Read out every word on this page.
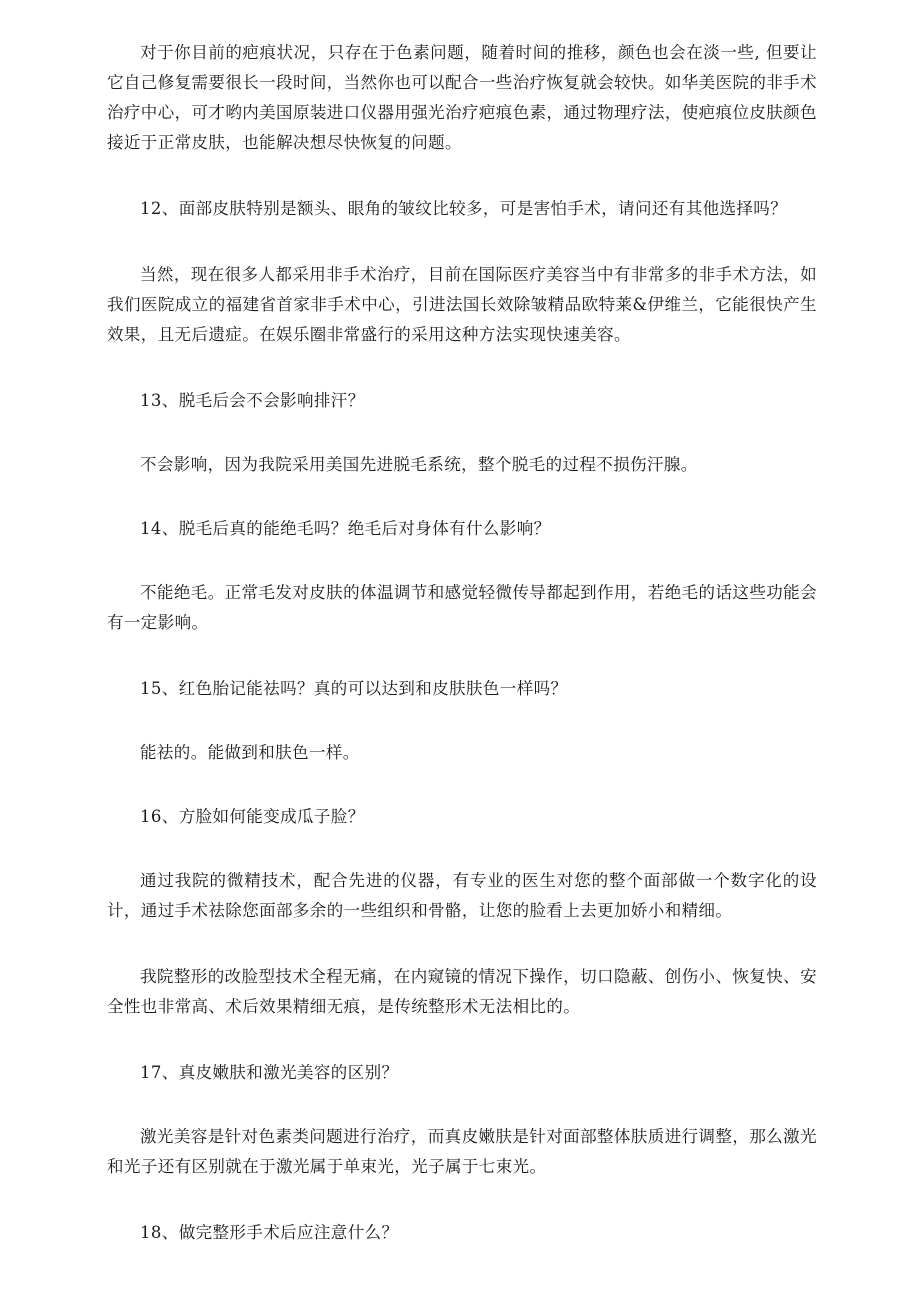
对于你目前的疤痕状况，只存在于色素问题，随着时间的推移，颜色也会在淡一些, 但要让它自己修复需要很长一段时间，当然你也可以配合一些治疗恢复就会较快。如华美医院的非手术治疗中心，可才哟内美国原装进口仪器用强光治疗疤痕色素，通过物理疗法，使疤痕位皮肤颜色接近于正常皮肤，也能解决想尽快恢复的问题。

12、面部皮肤特别是额头、眼角的皱纹比较多，可是害怕手术，请问还有其他选择吗？

当然，现在很多人都采用非手术治疗，目前在国际医疗美容当中有非常多的非手术方法，如我们医院成立的福建省首家非手术中心，引进法国长效除皱精品欧特莱&伊维兰，它能很快产生效果，且无后遗症。在娱乐圈非常盛行的采用这种方法实现快速美容。

13、脱毛后会不会影响排汗？

不会影响，因为我院采用美国先进脱毛系统，整个脱毛的过程不损伤汗腺。

14、脱毛后真的能绝毛吗？绝毛后对身体有什么影响？

不能绝毛。正常毛发对皮肤的体温调节和感觉轻微传导都起到作用，若绝毛的话这些功能会有一定影响。

15、红色胎记能祛吗？真的可以达到和皮肤肤色一样吗？

能祛的。能做到和肤色一样。

16、方脸如何能变成瓜子脸？

通过我院的微精技术，配合先进的仪器，有专业的医生对您的整个面部做一个数字化的设计，通过手术祛除您面部多余的一些组织和骨骼，让您的脸看上去更加娇小和精细。

我院整形的改脸型技术全程无痛，在内窥镜的情况下操作，切口隐蔽、创伤小、恢复快、安全性也非常高、术后效果精细无痕，是传统整形术无法相比的。

17、真皮嫩肤和激光美容的区别？

激光美容是针对色素类问题进行治疗，而真皮嫩肤是针对面部整体肤质进行调整，那么激光和光子还有区别就在于激光属于单束光，光子属于七束光。

18、做完整形手术后应注意什么？
